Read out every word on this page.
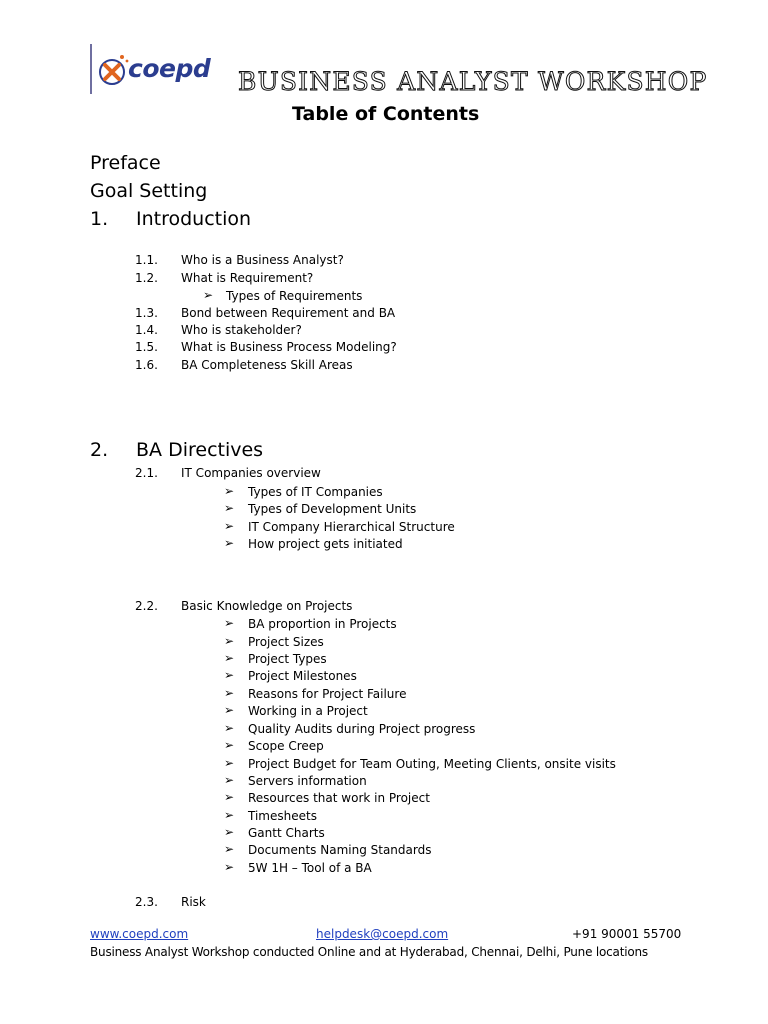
coepd BUSINESS ANALYST WORKSHOP
Table of Contents
Preface
Goal Setting
1. Introduction
1.1. Who is a Business Analyst?
1.2. What is Requirement?
➢ Types of Requirements
1.3. Bond between Requirement and BA
1.4. Who is stakeholder?
1.5. What is Business Process Modeling?
1.6. BA Completeness Skill Areas
2. BA Directives
2.1. IT Companies overview
➢ Types of IT Companies
➢ Types of Development Units
➢ IT Company Hierarchical Structure
➢ How project gets initiated
2.2. Basic Knowledge on Projects
➢ BA proportion in Projects
➢ Project Sizes
➢ Project Types
➢ Project Milestones
➢ Reasons for Project Failure
➢ Working in a Project
➢ Quality Audits during Project progress
➢ Scope Creep
➢ Project Budget for Team Outing, Meeting Clients, onsite visits
➢ Servers information
➢ Resources that work in Project
➢ Timesheets
➢ Gantt Charts
➢ Documents Naming Standards
➢ 5W 1H – Tool of a BA
2.3. Risk
www.coepd.com	helpdesk@coepd.com	+91 90001 55700
Business Analyst Workshop conducted Online and at Hyderabad, Chennai, Delhi, Pune locations
